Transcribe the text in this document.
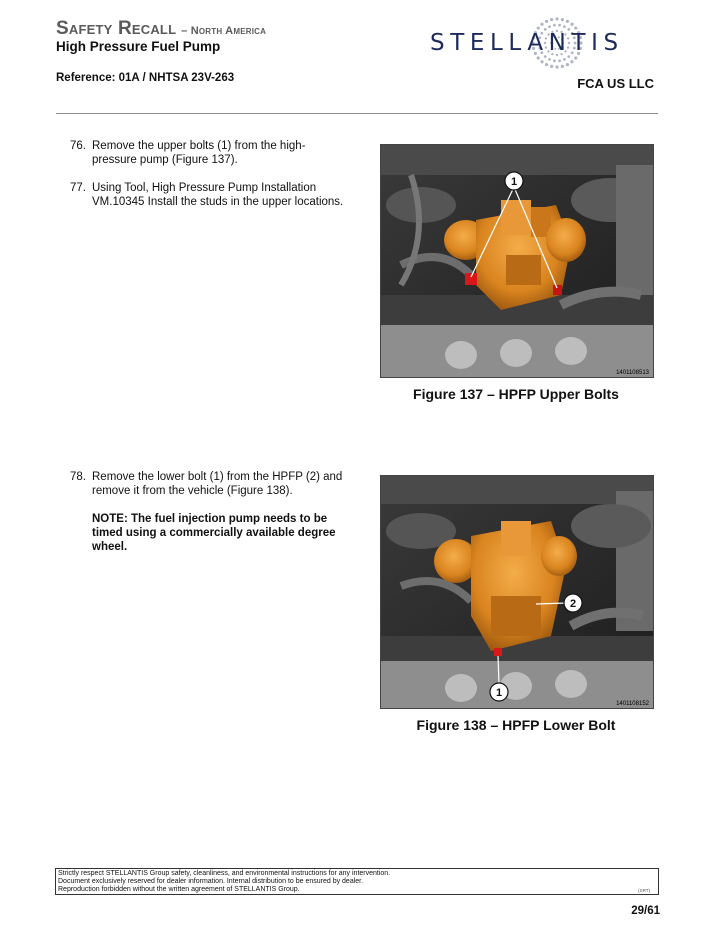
Safety Recall – North America
High Pressure Fuel Pump
Reference: 01A / NHTSA 23V-263
STELLANTIS
FCA US LLC
76. Remove the upper bolts (1) from the high-
pressure pump (Figure 137).
77. Using Tool, High Pressure Pump Installation
VM.10345 Install the studs in the upper locations.
1
1401108513
Figure 137 – HPFP Upper Bolts
78. Remove the lower bolt (1) from the HPFP (2) and
remove it from the vehicle (Figure 138).
NOTE: The fuel injection pump needs to be
timed using a commercially available degree
wheel.
2
1
1401108152
Figure 138 – HPFP Lower Bolt
Strictly respect STELLANTIS Group safety, cleanliness, and environmental instructions for any intervention.
Document exclusively reserved for dealer information. Internal distribution to be ensured by dealer.
Reproduction forbidden without the written agreement of STELLANTIS Group.	(SRT)
29/61
